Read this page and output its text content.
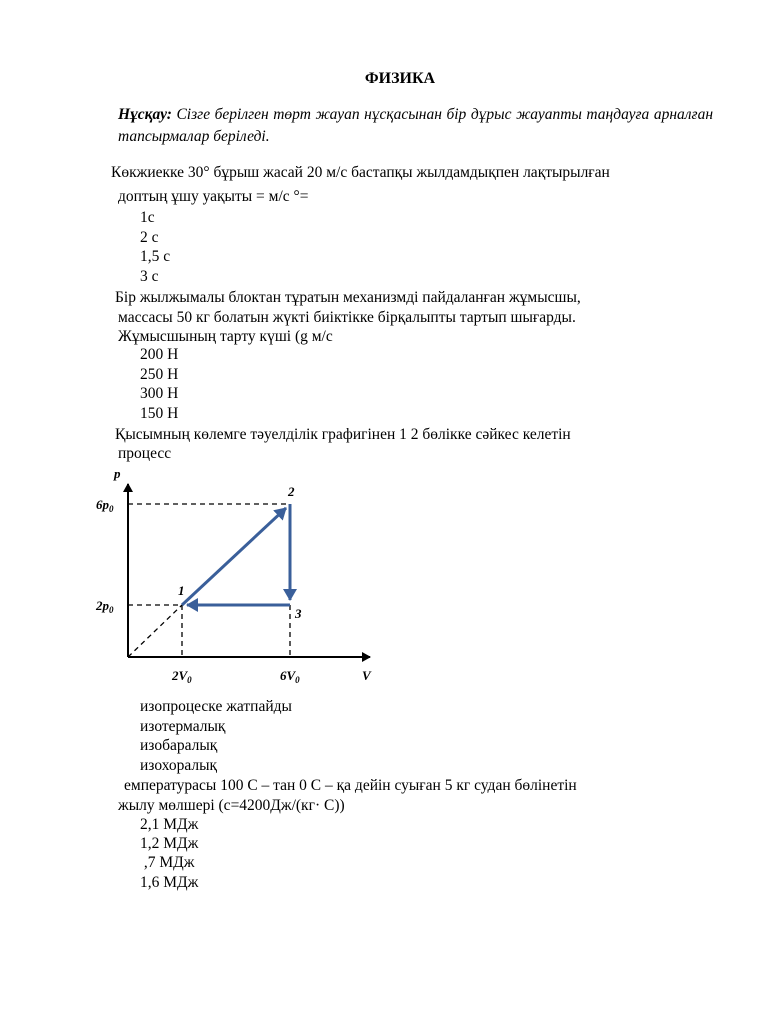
ФИЗИКА
Нұсқау: Сізге берілген төрт жауап нұсқасынан бір дұрыс жауапты таңдауға арналған тапсырмалар беріледі.
Көкжиекке 30° бұрыш жасай 20 м/с бастапқы жылдамдықпен лақтырылған
доптың ұшу уақыты = м/с °=
1с
2 с
1,5 с
3 с
Бір жылжымалы блоктан тұратын механизмді пайдаланған жұмысшы,
массасы 50 кг болатын жүкті биіктікке бірқалыпты тартып шығарды.
Жұмысшының тарту күші (g м/с
200 Н
250 Н
300 Н
150 Н
Қысымның көлемге тәуелділік графигінен 1 2 бөлікке сәйкес келетін
процесс
p
V
$6p_0$
$2p_0$
$2V_0$	$6V_0$
1
2
3
изопроцеске жатпайды
изотермалық
изобаралық
изохоралық
емпературасы 100 С – тан 0 С – қа дейін суыған 5 кг судан бөлінетін
жылу мөлшері (с=4200Дж/(кг· С))
2,1 МДж
1,2 МДж
,7 МДж
1,6 МДж
